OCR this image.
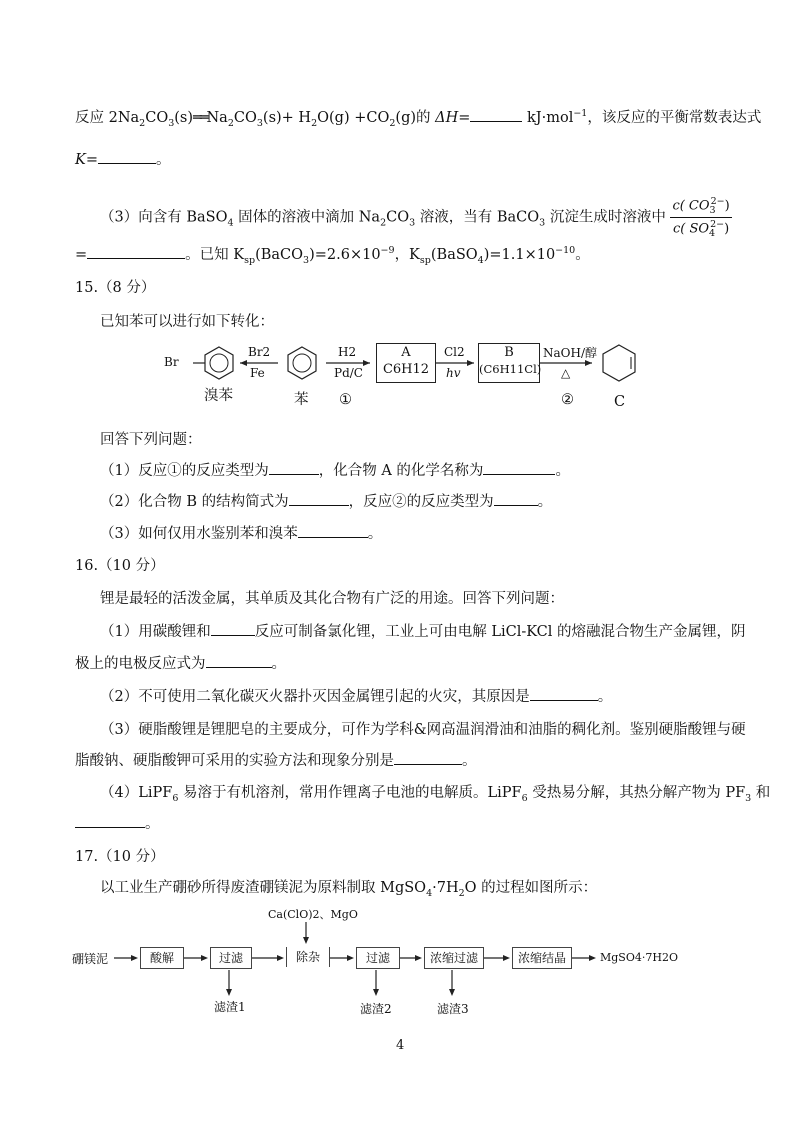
反应 $2Na_2CO_3(s)══Na_2CO_3(s)+ H_2O(g) +CO_2(g)$的 ΔH=	kJ·mol$^{-1}$，该反应的平衡常数表达式
K=	。
（3）向含有 BaSO$_4$ 固体的溶液中滴加 $Na_2CO_3$ 溶液，当有 BaCO$_3$ 沉淀生成时溶液中 $\frac{c( CO_3^{2-})}{c( SO_4^{2-})}$
=	。已知 $K_{sp}(BaCO_3)=2.6\times 10^{-9}$，$K_{sp}(BaSO_4)=1.1\times 10^{-10}$。
15.（8 分）
已知苯可以进行如下转化：
Br
Br2
Fe
溴苯	苯
H2
Pd/C
①
A
C6H12
Cl2
hv
B
(C6H11Cl)
NaOH/醇
△
②	C
回答下列问题：
（1）反应①的反应类型为	，化合物 A 的化学名称为	。
（2）化合物 B 的结构简式为	，反应②的反应类型为	。
（3）如何仅用水鉴别苯和溴苯	。
16.（10 分）
锂是最轻的活泼金属，其单质及其化合物有广泛的用途。回答下列问题：
（1）用碳酸锂和	反应可制备氯化锂，工业上可由电解 LiCl-KCl 的熔融混合物生产金属锂，阴
极上的电极反应式为	。
（2）不可使用二氧化碳灭火器扑灭因金属锂引起的火灾，其原因是	。
（3）硬脂酸锂是锂肥皂的主要成分，可作为学科&网高温润滑油和油脂的稠化剂。鉴别硬脂酸锂与硬
脂酸钠、硬脂酸钾可采用的实验方法和现象分别是	。
（4）LiPF$_6$ 易溶于有机溶剂，常用作锂离子电池的电解质。LiPF$_6$ 受热易分解，其热分解产物为 $PF_3$ 和
。
17.（10 分）
以工业生产硼砂所得废渣硼镁泥为原料制取 $MgSO_4\cdot 7H_2O$ 的过程如图所示：
Ca(ClO)2、MgO
硼镁泥	酸解	过滤	除杂	过滤	浓缩过滤	浓缩结晶	MgSO4·7H2O
滤渣1	滤渣2	滤渣3
4
